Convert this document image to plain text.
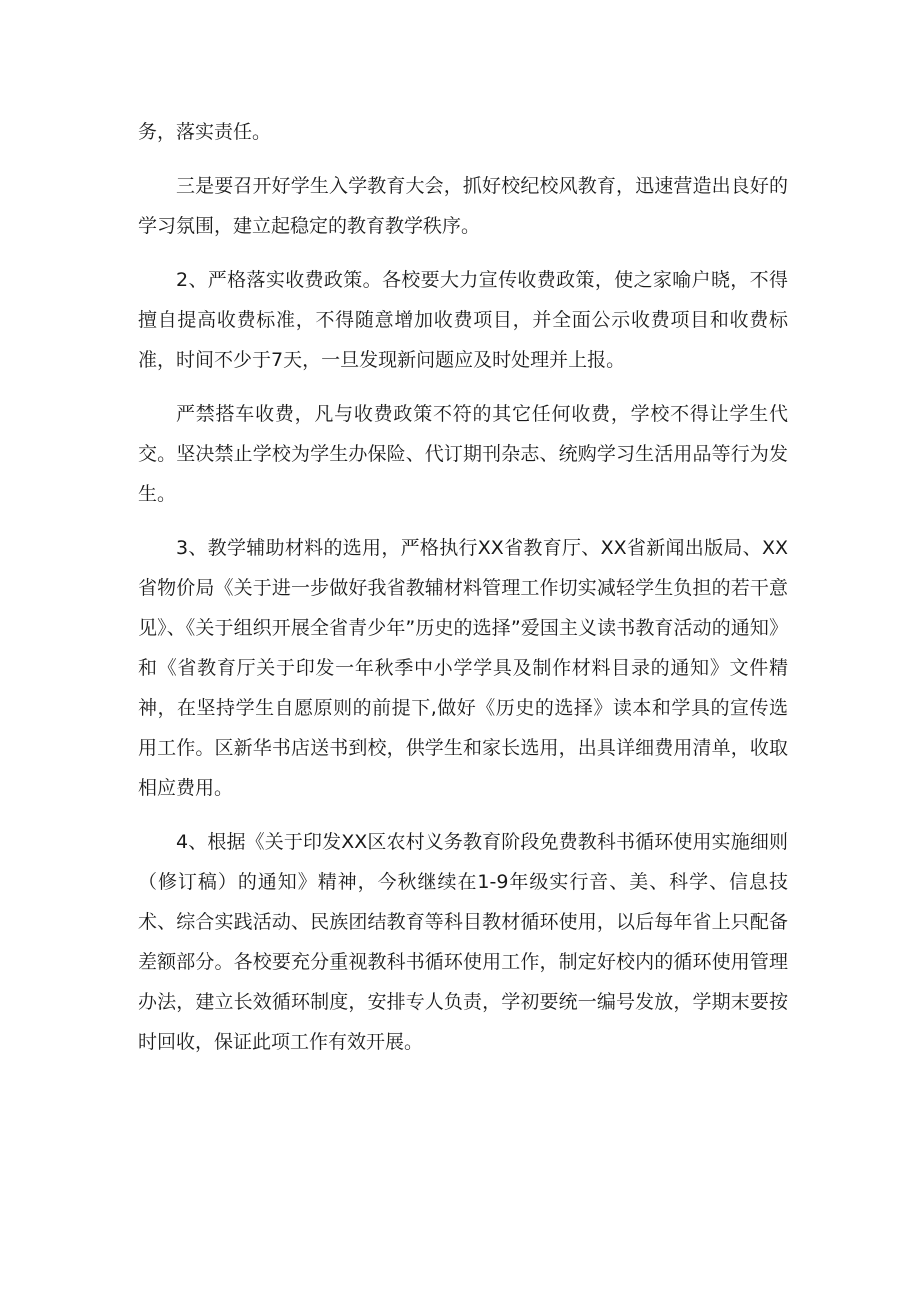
务，落实责任。

三是要召开好学生入学教育大会，抓好校纪校风教育，迅速营造出良好的学习氛围，建立起稳定的教育教学秩序。

2、严格落实收费政策。各校要大力宣传收费政策，使之家喻户晓，不得擅自提高收费标准，不得随意增加收费项目，并全面公示收费项目和收费标准，时间不少于7天，一旦发现新问题应及时处理并上报。

严禁搭车收费，凡与收费政策不符的其它任何收费，学校不得让学生代交。坚决禁止学校为学生办保险、代订期刊杂志、统购学习生活用品等行为发生。

3、教学辅助材料的选用，严格执行XX省教育厅、XX省新闻出版局、XX省物价局《关于进一步做好我省教辅材料管理工作切实减轻学生负担的若干意见》、《关于组织开展全省青少年”历史的选择”爱国主义读书教育活动的通知》和《省教育厅关于印发一年秋季中小学学具及制作材料目录的通知》文件精神，在坚持学生自愿原则的前提下,做好《历史的选择》读本和学具的宣传选用工作。区新华书店送书到校，供学生和家长选用，出具详细费用清单，收取相应费用。

4、根据《关于印发XX区农村义务教育阶段免费教科书循环使用实施细则（修订稿）的通知》精神，今秋继续在1-9年级实行音、美、科学、信息技术、综合实践活动、民族团结教育等科目教材循环使用，以后每年省上只配备差额部分。各校要充分重视教科书循环使用工作，制定好校内的循环使用管理办法，建立长效循环制度，安排专人负责，学初要统一编号发放，学期末要按时回收，保证此项工作有效开展。
